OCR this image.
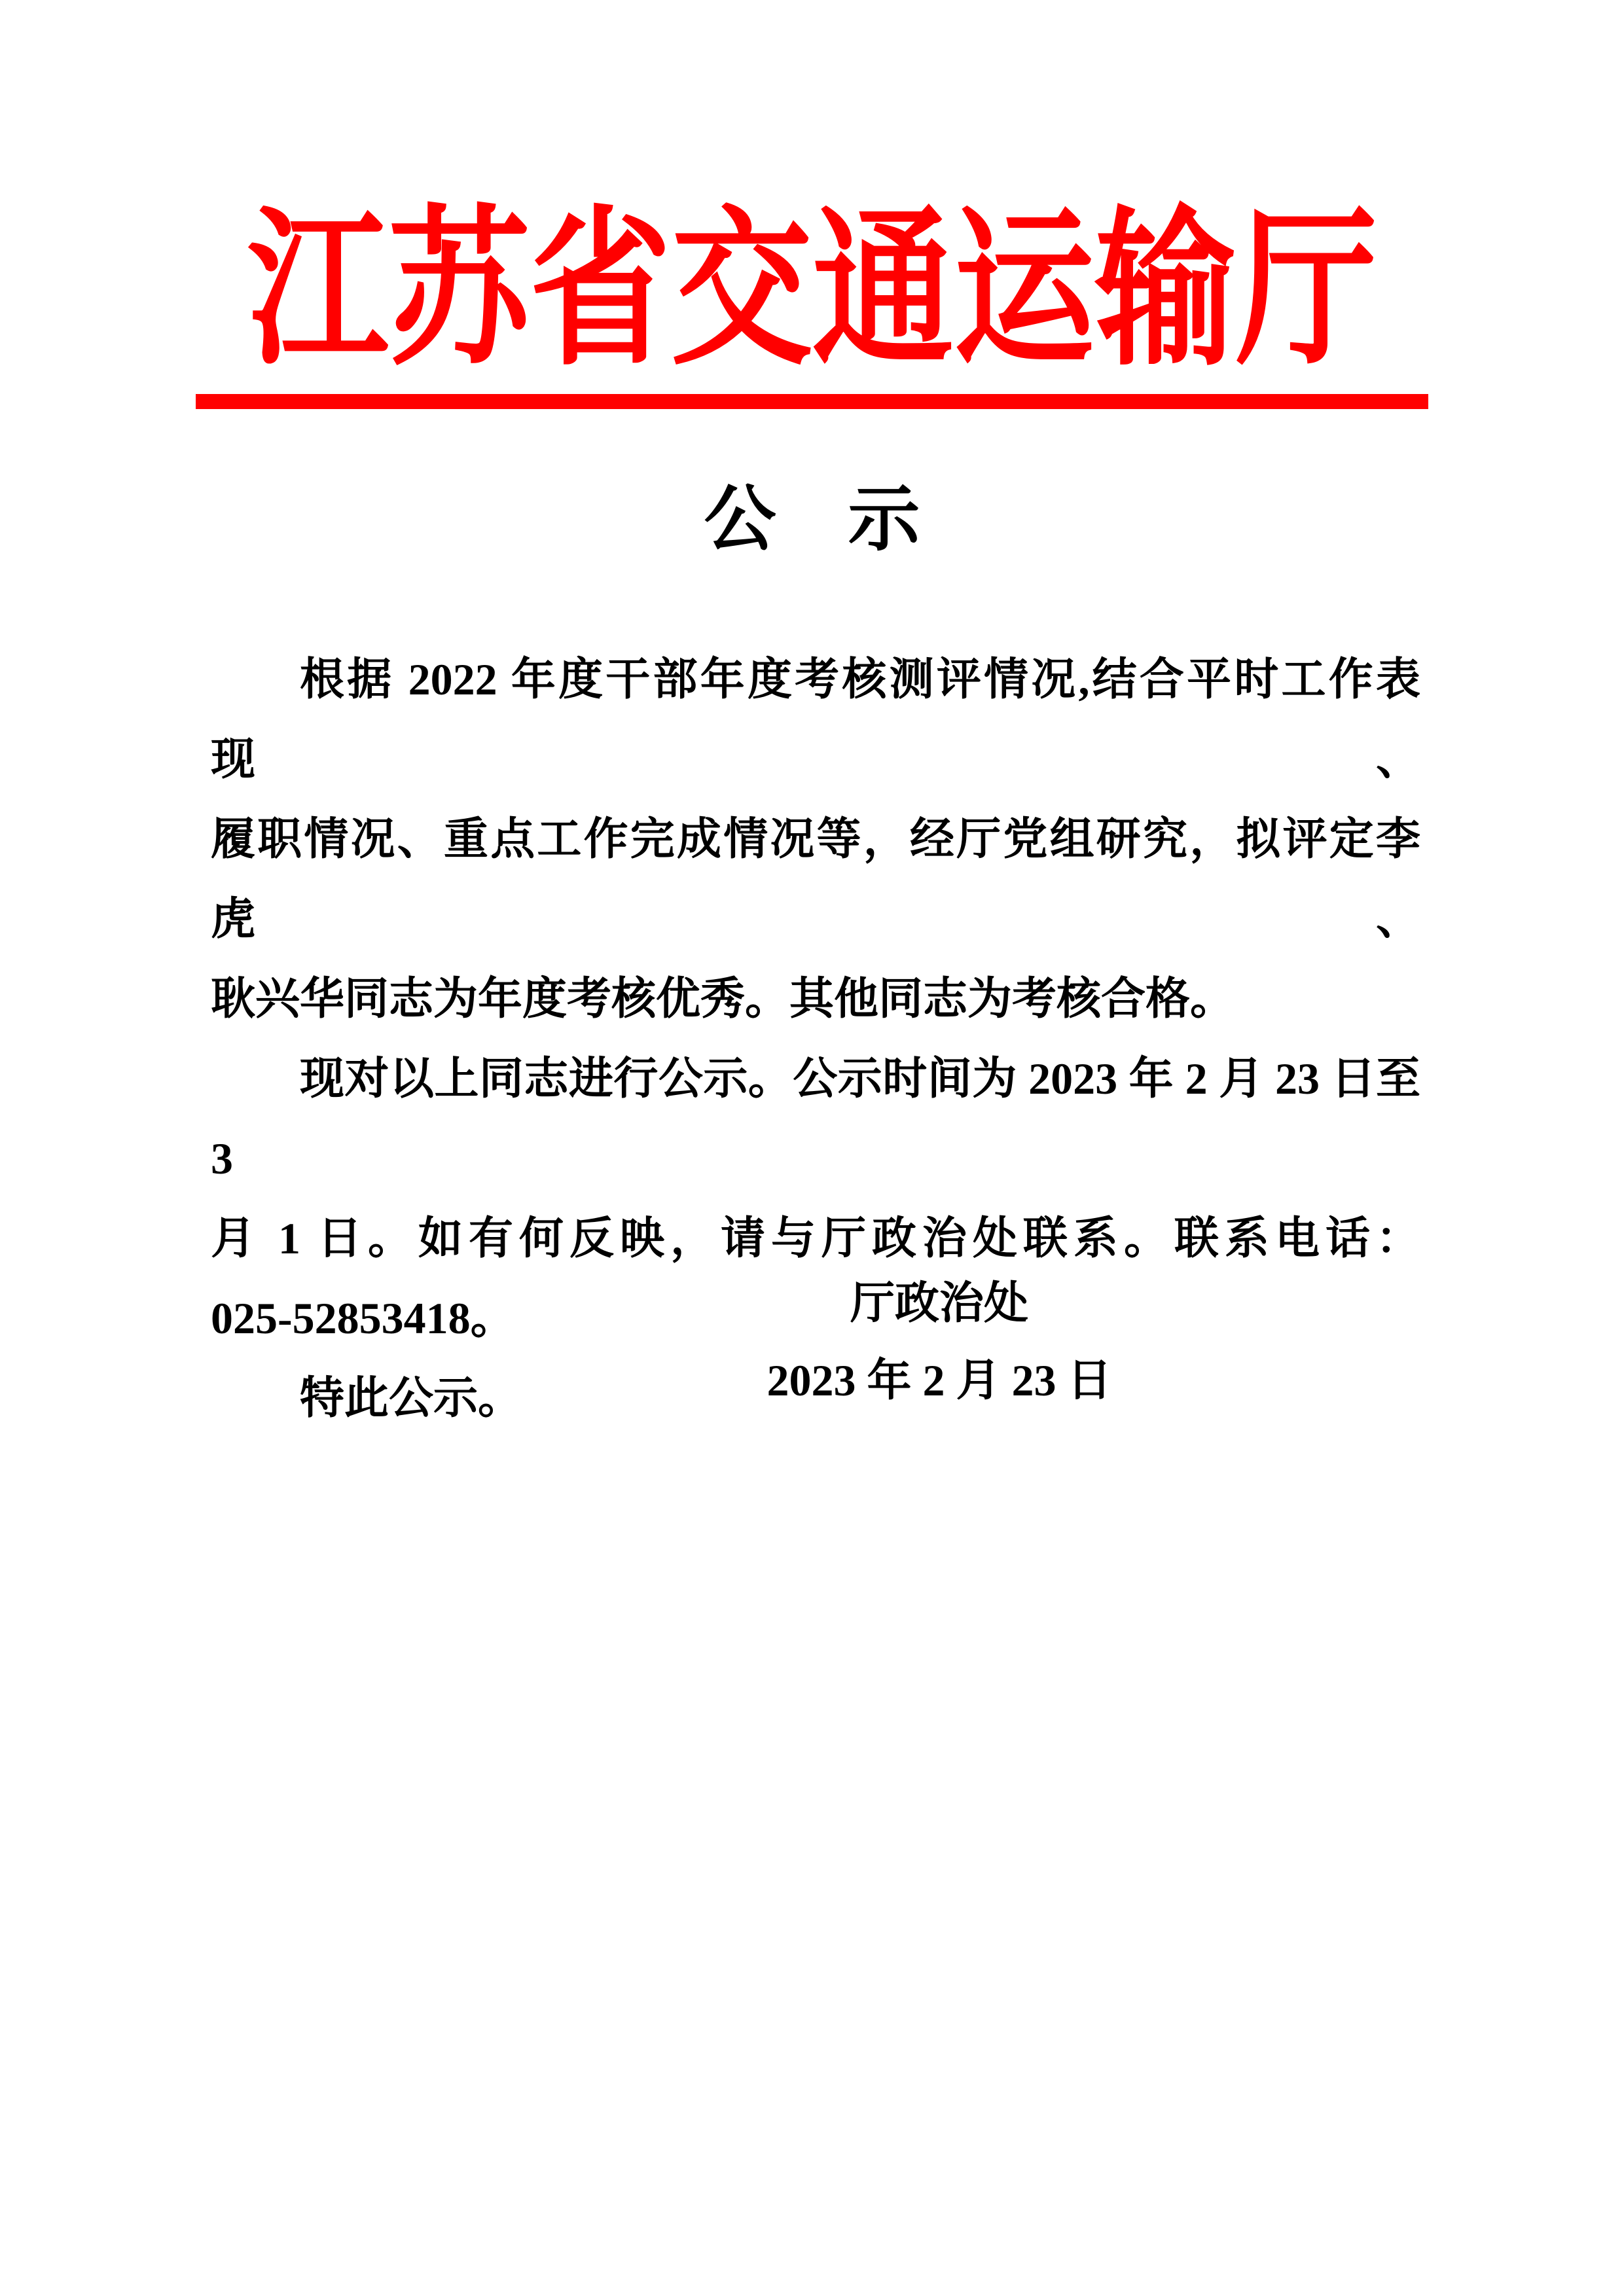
江苏省交通运输厅
公　示
根据 2022 年度干部年度考核测评情况,结合平时工作表现、
履职情况、重点工作完成情况等，经厅党组研究，拟评定李虎、
耿兴华同志为年度考核优秀。其他同志为考核合格。
现对以上同志进行公示。公示时间为 2023 年 2 月 23 日至 3
月 1 日。如有何反映，请与厅政治处联系。联系电话：
025-52853418。
特此公示。
厅政治处
2023 年 2 月 23 日
